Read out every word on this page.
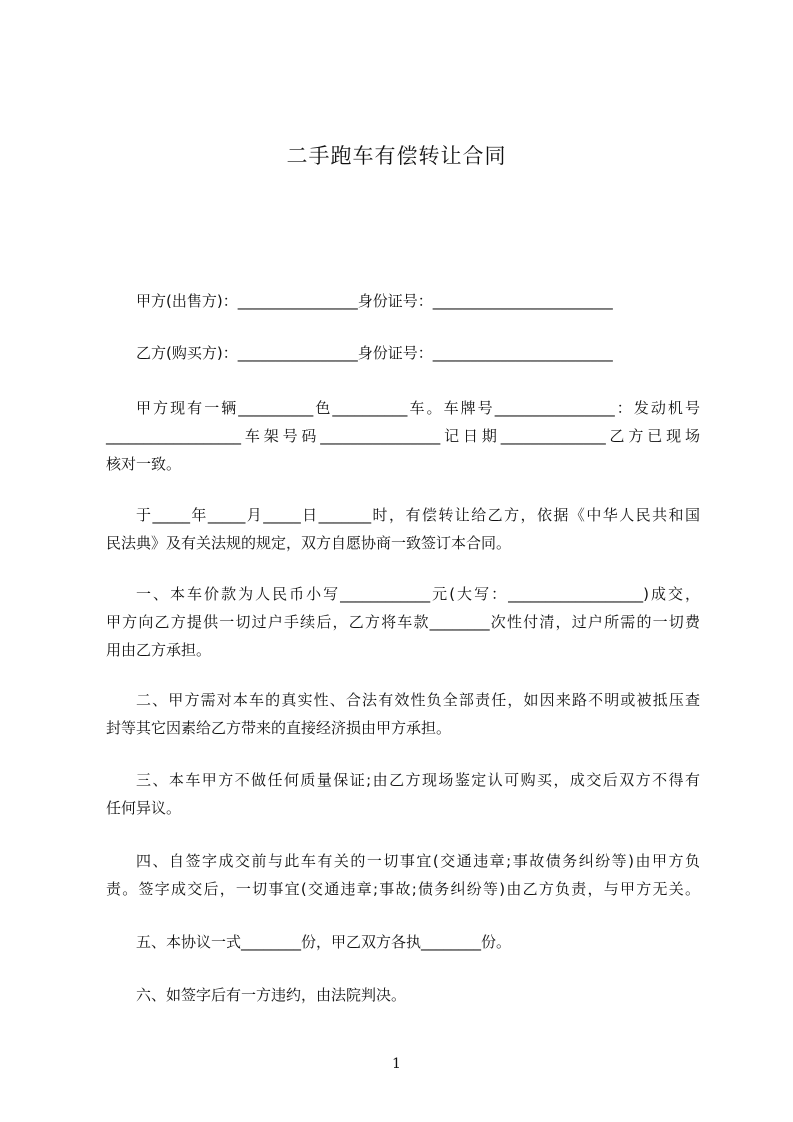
二手跑车有偿转让合同
甲方(出售方)：________________身份证号：________________________
乙方(购买方)：________________身份证号：________________________
甲方现有一辆__________色__________车。车牌号________________：发动机号
__________________车架号码________________记日期______________乙方已现场
核对一致。
于_____年_____月_____日_______时，有偿转让给乙方，依据《中华人民共和国
民法典》及有关法规的规定，双方自愿协商一致签订本合同。
一、本车价款为人民币小写____________元(大写：__________________)成交，
甲方向乙方提供一切过户手续后，乙方将车款________次性付清，过户所需的一切费
用由乙方承担。
二、甲方需对本车的真实性、合法有效性负全部责任，如因来路不明或被抵压查
封等其它因素给乙方带来的直接经济损由甲方承担。
三、本车甲方不做任何质量保证;由乙方现场鉴定认可购买，成交后双方不得有
任何异议。
四、自签字成交前与此车有关的一切事宜(交通违章;事故债务纠纷等)由甲方负
责。签字成交后，一切事宜(交通违章;事故;债务纠纷等)由乙方负责，与甲方无关。
五、本协议一式________份，甲乙双方各执________份。
六、如签字后有一方违约，由法院判决。
1
